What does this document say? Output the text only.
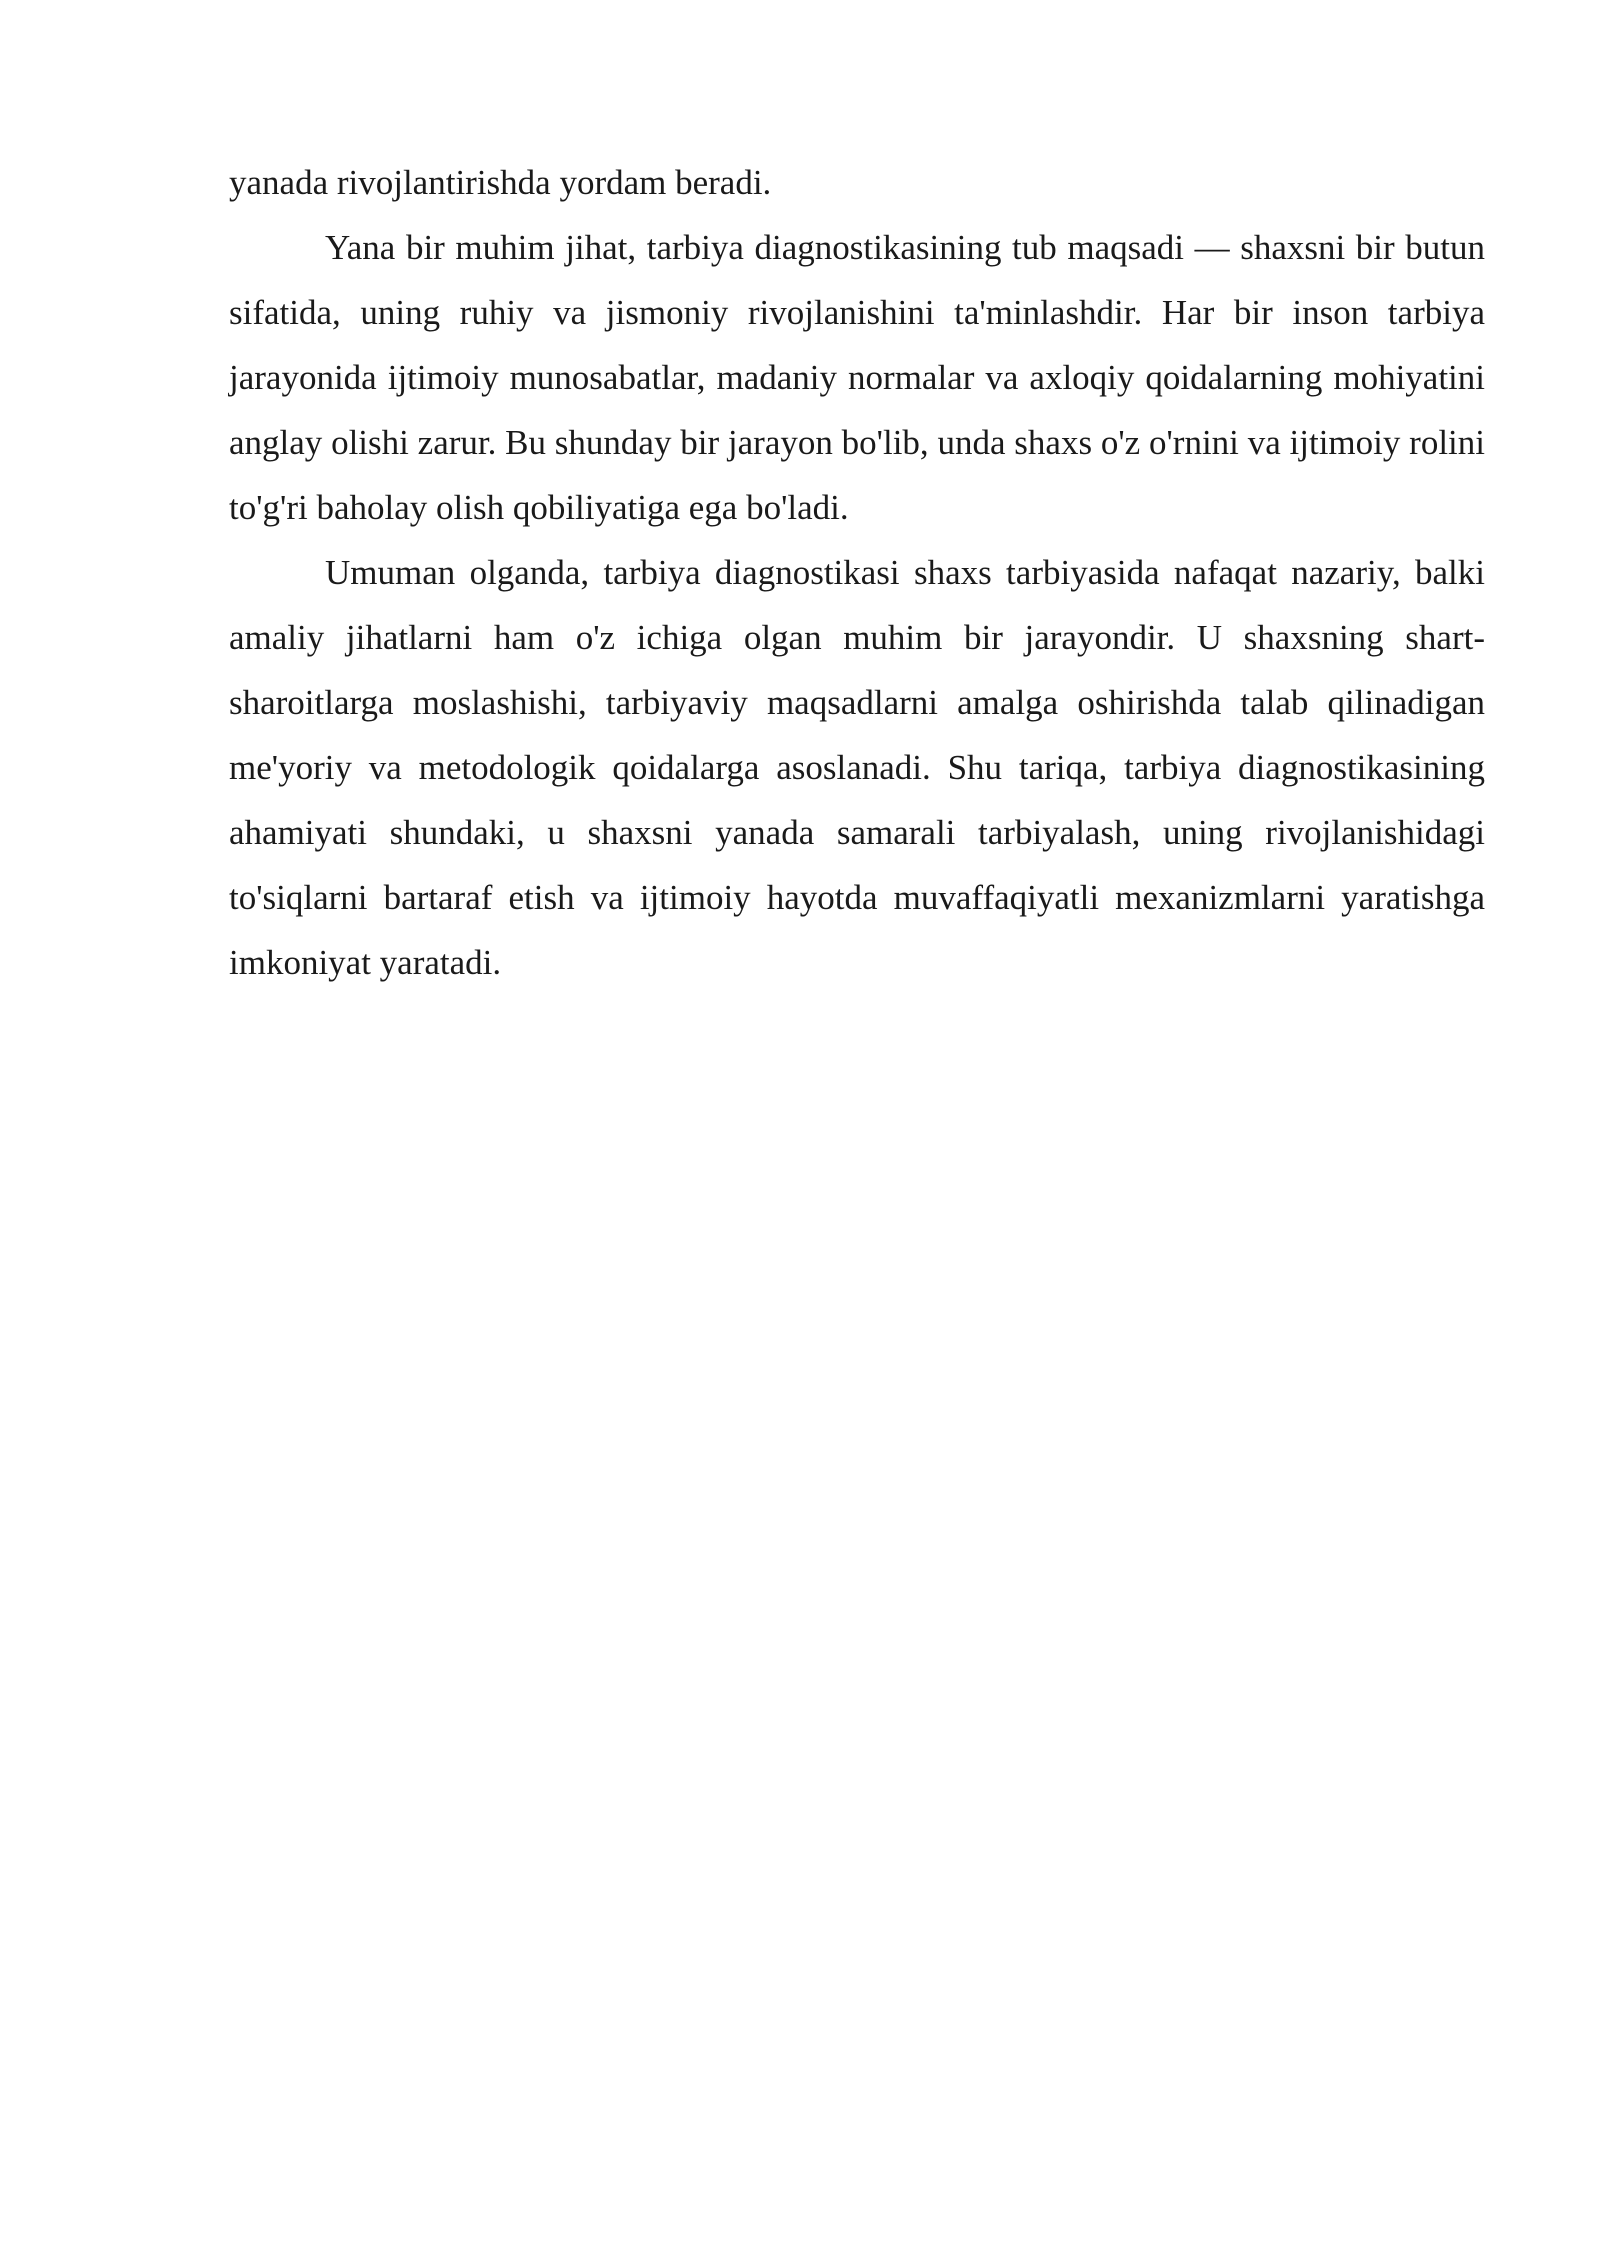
yanada rivojlantirishda yordam beradi.

Yana bir muhim jihat, tarbiya diagnostikasining tub maqsadi — shaxsni bir butun sifatida, uning ruhiy va jismoniy rivojlanishini ta'minlashdir. Har bir inson tarbiya jarayonida ijtimoiy munosabatlar, madaniy normalar va axloqiy qoidalarning mohiyatini anglay olishi zarur. Bu shunday bir jarayon bo'lib, unda shaxs o'z o'rnini va ijtimoiy rolini to'g'ri baholay olish qobiliyatiga ega bo'ladi.

Umuman olganda, tarbiya diagnostikasi shaxs tarbiyasida nafaqat nazariy, balki amaliy jihatlarni ham o'z ichiga olgan muhim bir jarayondir. U shaxsning shart-sharoitlarga moslashishi, tarbiyaviy maqsadlarni amalga oshirishda talab qilinadigan me'yoriy va metodologik qoidalarga asoslanadi. Shu tariqa, tarbiya diagnostikasining ahamiyati shundaki, u shaxsni yanada samarali tarbiyalash, uning rivojlanishidagi to'siqlarni bartaraf etish va ijtimoiy hayotda muvaffaqiyatli mexanizmlarni yaratishga imkoniyat yaratadi.
